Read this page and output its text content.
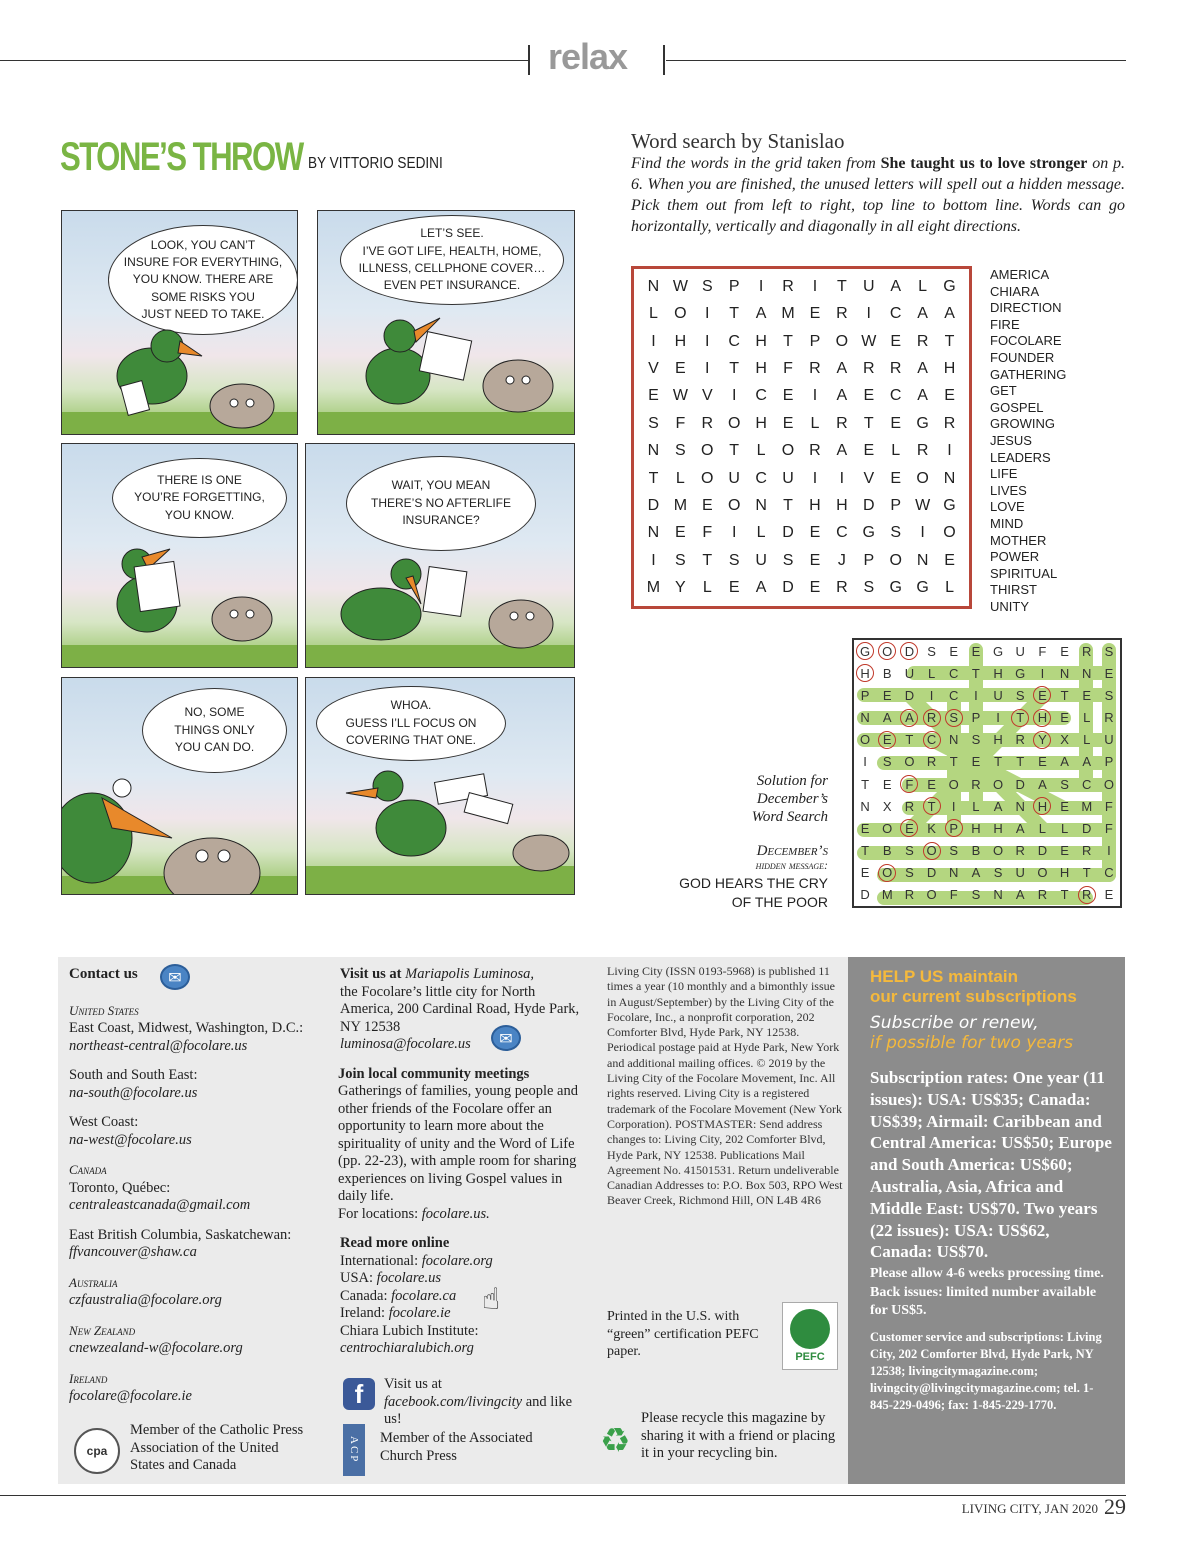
relax
STONE’S THROW BY VITTORIO SEDINI
LOOK, YOU CAN’T
INSURE FOR EVERYTHING,
YOU KNOW. THERE ARE
SOME RISKS YOU
JUST NEED TO TAKE.
LET’S SEE.
I’VE GOT LIFE, HEALTH, HOME,
ILLNESS, CELLPHONE COVER…
EVEN PET INSURANCE.
THERE IS ONE
YOU’RE FORGETTING,
YOU KNOW.
WAIT, YOU MEAN
THERE’S NO AFTERLIFE
INSURANCE?
NO, SOME
THINGS ONLY
YOU CAN DO.
WHOA.
GUESS I’LL FOCUS ON
COVERING THAT ONE.
Word search by Stanislao
Find the words in the grid taken from She taught us to love stronger on p. 6. When you are finished, the unused letters will spell out a hidden message. Pick them out from left to right, top line to bottom line. Words can go horizontally, vertically and diagonally in all eight directions.
N W S	P	I	R	I	T	U A	L	G
L	O	I	T	A M E R	I	C A	A
I	H	I	C H	T	P O W E R	T
V	E	I	T	H	F	R A R R A H
E W V	I	C E	I	A	E C A	E
S	F	R O H E	L	R	T	E G R
N S O T	L	O R A	E	L	R	I
T	L	O U C U	I	I	V	E O N
D M E O N	T	H H D P W G
N E	F	I	L	D E C G S	I	O
I	S	T	S U S	E	J	P O N E
M Y	L	E	A D E R S G G	L
AMERICA
CHIARA
DIRECTION
FIRE
FOCOLARE
FOUNDER
GATHERING
GET
GOSPEL
GROWING
JESUS
LEADERS
LIFE
LIVES
LOVE
MIND
MOTHER
POWER
SPIRITUAL
THIRST
UNITY
Solution for
December’s
Word Search
December’s
hidden message:
GOD HEARS THE CRY
OF THE POOR
G O D	S	E	E G U	F	E	R	S
H	B	U	L	C	T	H G	I	N N	E
P	E	D	I	C	I	U	S	E	T	E	S
N	A	A	R	S	P	I	T	H	E	L	R
O E	T	C N	S	H R	Y	X	L	U
I	S O R	T	E	T	T	E	A	A	P
T	E	F	E O R O D	A	S	C O
N	X	R	T	I	L	A	N H	E M F
E O E	K	P	H H	A	L	L	D	F
T	B	S O S	B O R D	E	R	I
E O S	D N	A	S	U O H	T	C
D M R O	F	S	N	A	R	T	R	E
Contact us

United States
East Coast, Midwest, Washington, D.C.:
northeast-central@focolare.us

South and South East:
na-south@focolare.us

West Coast:
na-west@focolare.us

Canada
Toronto, Québec:
centraleastcanada@gmail.com

East British Columbia, Saskatchewan:
ffvancouver@shaw.ca

Australia
czfaustralia@focolare.org

New Zealand
cnewzealand-w@focolare.org

Ireland
focolare@focolare.ie

✉
cpa
Member of the Catholic Press Association of the United States and Canada
Visit us at Mariapolis Luminosa,
the Focolare’s little city for North America, 200 Cardinal Road, Hyde Park, NY 12538
luminosa@focolare.us
Join local community meetings
Gatherings of families, young people and other friends of the Focolare offer an opportunity to learn more about the spirituality of unity and the Word of Life (pp. 22-23), with ample room for sharing experiences on living Gospel values in daily life.
For locations: focolare.us.
Read more online
International: focolare.org
USA: focolare.us
Canada: focolare.ca
Ireland: focolare.ie
Chiara Lubich Institute:
centrochiaralubich.org
✉
☝
f	Visit us at facebook.com/livingcity and like us!
ACP Member of the Associated Church Press
Living City (ISSN 0193-5968) is published 11 times a year (10 monthly and a bimonthly issue in August/September) by the Living City of the Focolare, Inc., a nonprofit corporation, 202 Comforter Blvd, Hyde Park, NY 12538. Periodical postage paid at Hyde Park, New York and additional mailing offices. © 2019 by the Living City of the Focolare Movement, Inc. All rights reserved. Living City is a registered trademark of the Focolare Movement (New York Corporation). POSTMASTER: Send address changes to: Living City, 202 Comforter Blvd, Hyde Park, NY 12538. Publications Mail Agreement No. 41501531. Return undeliverable Canadian Addresses to: P.O. Box 503, RPO West Beaver Creek, Richmond Hill, ON L4B 4R6
Printed in the U.S. with “green” certification PEFC paper.	PEFC
♻
Please recycle this magazine by sharing it with a friend or placing it in your recycling bin.
HELP US maintain
our current subscriptions
Subscribe or renew,
if possible for two years
Subscription rates: One year (11 issues): USA: US$35; Canada: US$39; Airmail: Caribbean and Central America: US$50; Europe and South America: US$60; Australia, Asia, Africa and Middle East: US$70. Two years (22 issues): USA: US$62, Canada: US$70.
Please allow 4-6 weeks processing time. Back issues: limited number available for US$5.
Customer service and subscriptions: Living City, 202 Comforter Blvd, Hyde Park, NY 12538; livingcitymagazine.com; livingcity@livingcitymagazine.com; tel. 1-845-229-0496; fax: 1-845-229-1770.
LIVING CITY, JAN 2020 29
